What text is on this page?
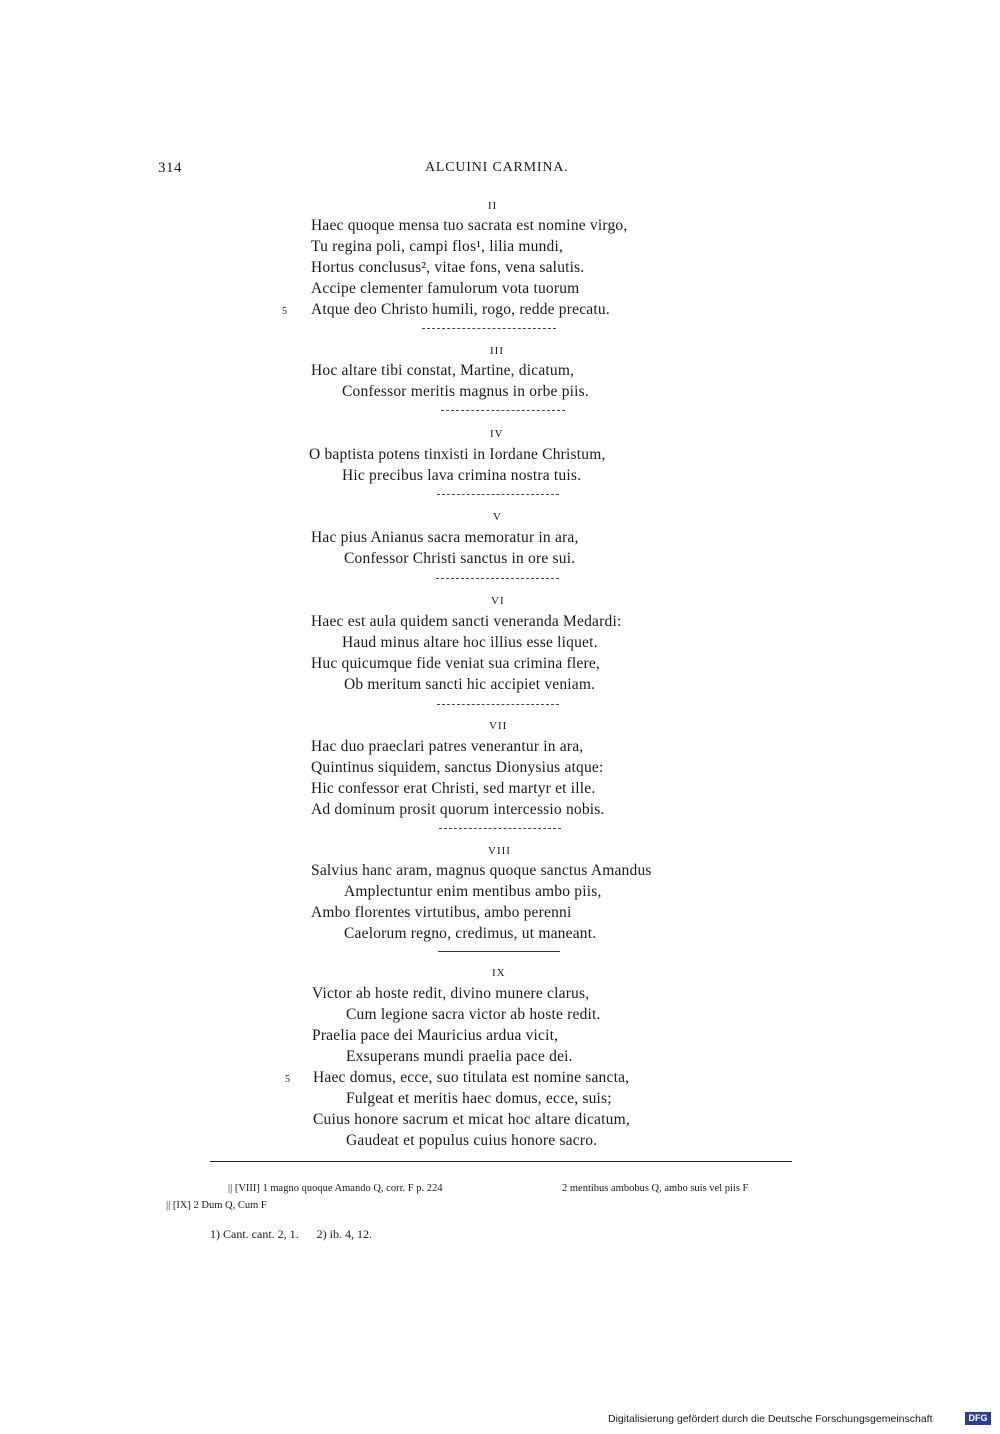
314	ALCUINI CARMINA.
II
Haec quoque mensa tuo sacrata est nomine virgo,
Tu regina poli, campi flos¹, lilia mundi,
Hortus conclusus², vitae fons, vena salutis.
Accipe clementer famulorum vota tuorum
5 Atque deo Christo humili, rogo, redde precatu.
III
Hoc altare tibi constat, Martine, dicatum,
Confessor meritis magnus in orbe piis.
IV
O baptista potens tinxisti in Iordane Christum,
Hic precibus lava crimina nostra tuis.
V
Hac pius Anianus sacra memoratur in ara,
Confessor Christi sanctus in ore sui.
VI
Haec est aula quidem sancti veneranda Medardi:
Haud minus altare hoc illius esse liquet.
Huc quicumque fide veniat sua crimina flere,
Ob meritum sancti hic accipiet veniam.
VII
Hac duo praeclari patres venerantur in ara,
Quintinus siquidem, sanctus Dionysius atque:
Hic confessor erat Christi, sed martyr et ille.
Ad dominum prosit quorum intercessio nobis.
VIII
Salvius hanc aram, magnus quoque sanctus Amandus
Amplectuntur enim mentibus ambo piis,
Ambo florentes virtutibus, ambo perenni
Caelorum regno, credimus, ut maneant.
IX
Victor ab hoste redit, divino munere clarus,
Cum legione sacra victor ab hoste redit.
Praelia pace dei Mauricius ardua vicit,
Exsuperans mundi praelia pace dei.
5 Haec domus, ecce, suo titulata est nomine sancta,
Fulgeat et meritis haec domus, ecce, suis;
Cuius honore sacrum et micat hoc altare dicatum,
Gaudeat et populus cuius honore sacro.
|| [VIII] 1 magno quoque Amando Q, corr. F p. 224	2 mentibus ambobus Q, ambo suis vel piis F
|| [IX] 2 Dum Q, Cum F
1) Cant. cant. 2, 1.      2) ib. 4, 12.
Digitalisierung gefördert durch die Deutsche Forschungsgemeinschaft	DFG
